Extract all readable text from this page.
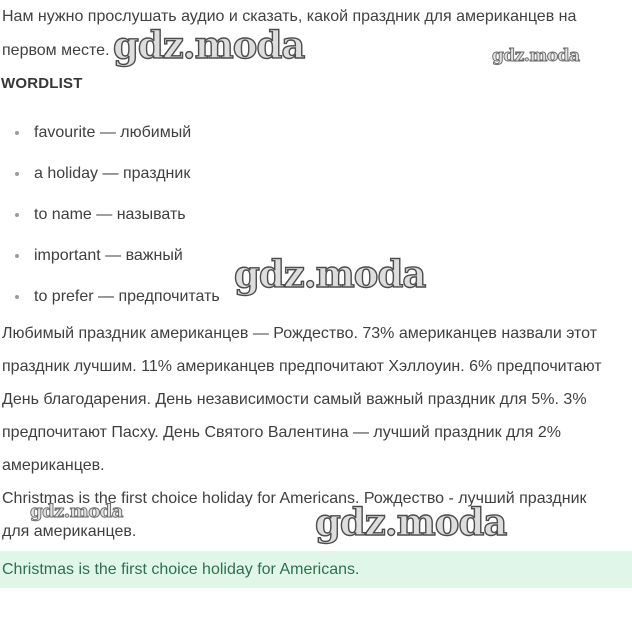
Нам нужно прослушать аудио и сказать, какой праздник для американцев на первом месте.

WORDLIST
favourite — любимый
a holiday — праздник
to name — называть
important — важный
to prefer — предпочитать

Любимый праздник американцев — Рождество. 73% американцев назвали этот праздник лучшим. 11% американцев предпочитают Хэллоуин. 6% предпочитают День благодарения. День независимости самый важный праздник для 5%. 3% предпочитают Пасху. День Святого Валентина — лучший праздник для 2% американцев.

Christmas is the first choice holiday for Americans. Рождество - лучший праздник для американцев.

Christmas is the first choice holiday for Americans.
gdz.moda	gdz.moda
gdz.moda
gdz.moda	gdz.moda
